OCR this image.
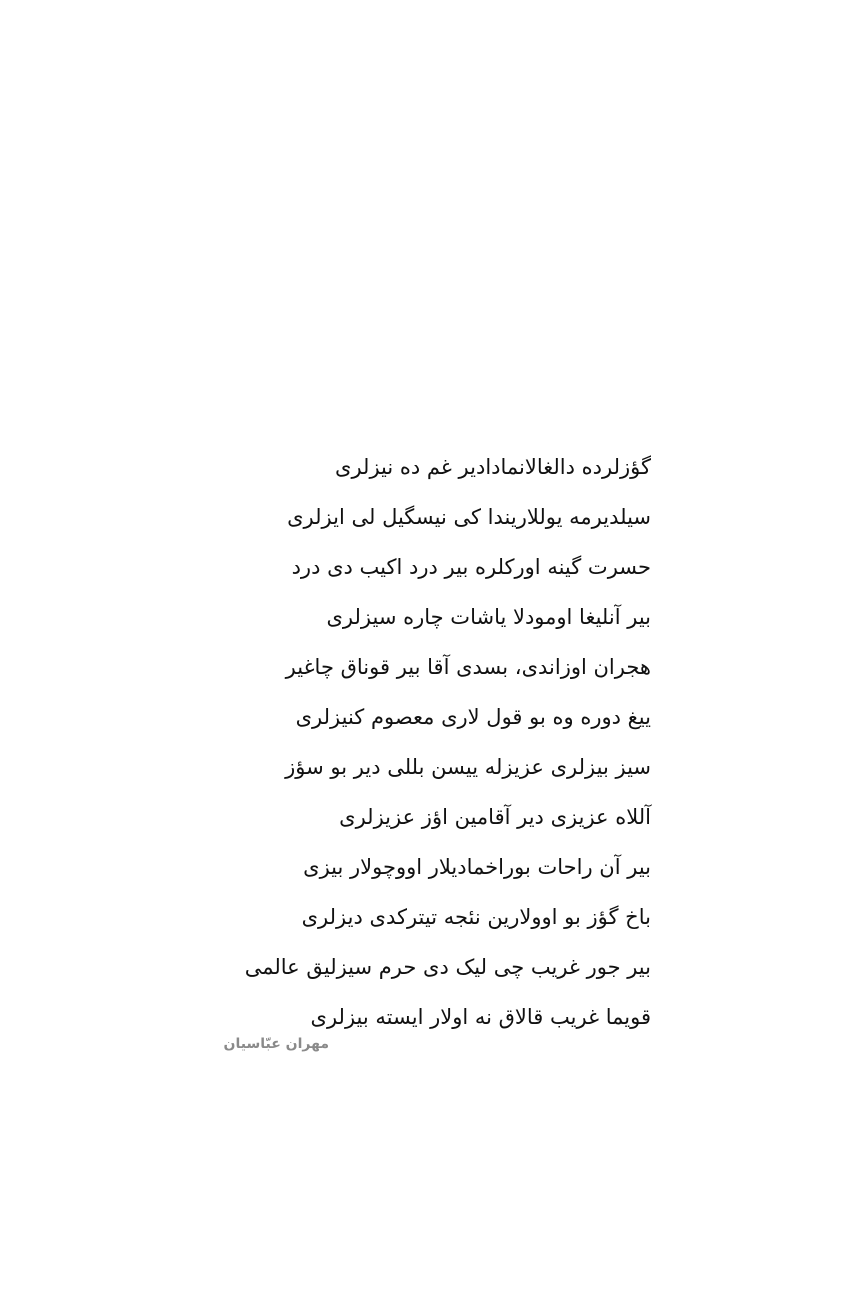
گؤزلرده دالغالانمادادیر غم ده نیزلری
سیلدیرمه یوللاریندا کی نیسگیل لی ایزلری
حسرت گینه اورکلره بیر درد اکیب دی درد
بیر آنلیغا اومودلا یاشات چاره سیزلری
هجران اوزاندی، بسدی آقا بیر قوناق چاغیر
ییغ دوره وه بو قول لاری معصوم کنیزلری
سیز بیزلری عزیزله ییسن بللی دیر بو سؤز
آللاه عزیزی دیر آقامین اؤز عزیزلری
بیر آن راحات بوراخمادیلار اووچولار بیزی
باخ گؤز بو اوولارین نئجه تیترکدی دیزلری
بیر جور غریب چی لیک دی حرم سیزلیق عالمی
قویما غریب قالاق نه اولار ایسته بیزلری
مهران عبّاسیان
